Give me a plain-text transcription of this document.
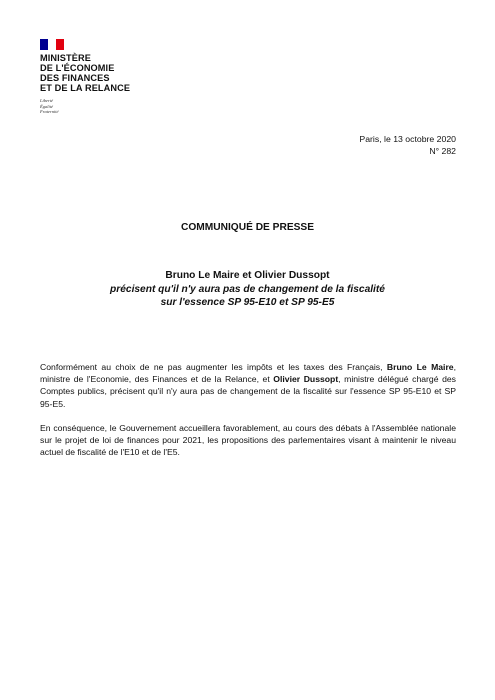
MINISTÈRE
DE L'ÉCONOMIE
DES FINANCES
ET DE LA RELANCE
Liberté
Égalité
Fraternité
Paris, le 13 octobre 2020
N° 282
COMMUNIQUÉ DE PRESSE
Bruno Le Maire et Olivier Dussopt
précisent qu'il n'y aura pas de changement de la fiscalité
sur l'essence SP 95-E10 et SP 95-E5
Conformément au choix de ne pas augmenter les impôts et les taxes des Français, Bruno Le Maire, ministre de l'Economie, des Finances et de la Relance, et Olivier Dussopt, ministre délégué chargé des Comptes publics, précisent qu'il n'y aura pas de changement de la fiscalité sur l'essence SP 95-E10 et SP 95-E5.
En conséquence, le Gouvernement accueillera favorablement, au cours des débats à l'Assemblée nationale sur le projet de loi de finances pour 2021, les propositions des parlementaires visant à maintenir le niveau actuel de fiscalité de l'E10 et de l'E5.
